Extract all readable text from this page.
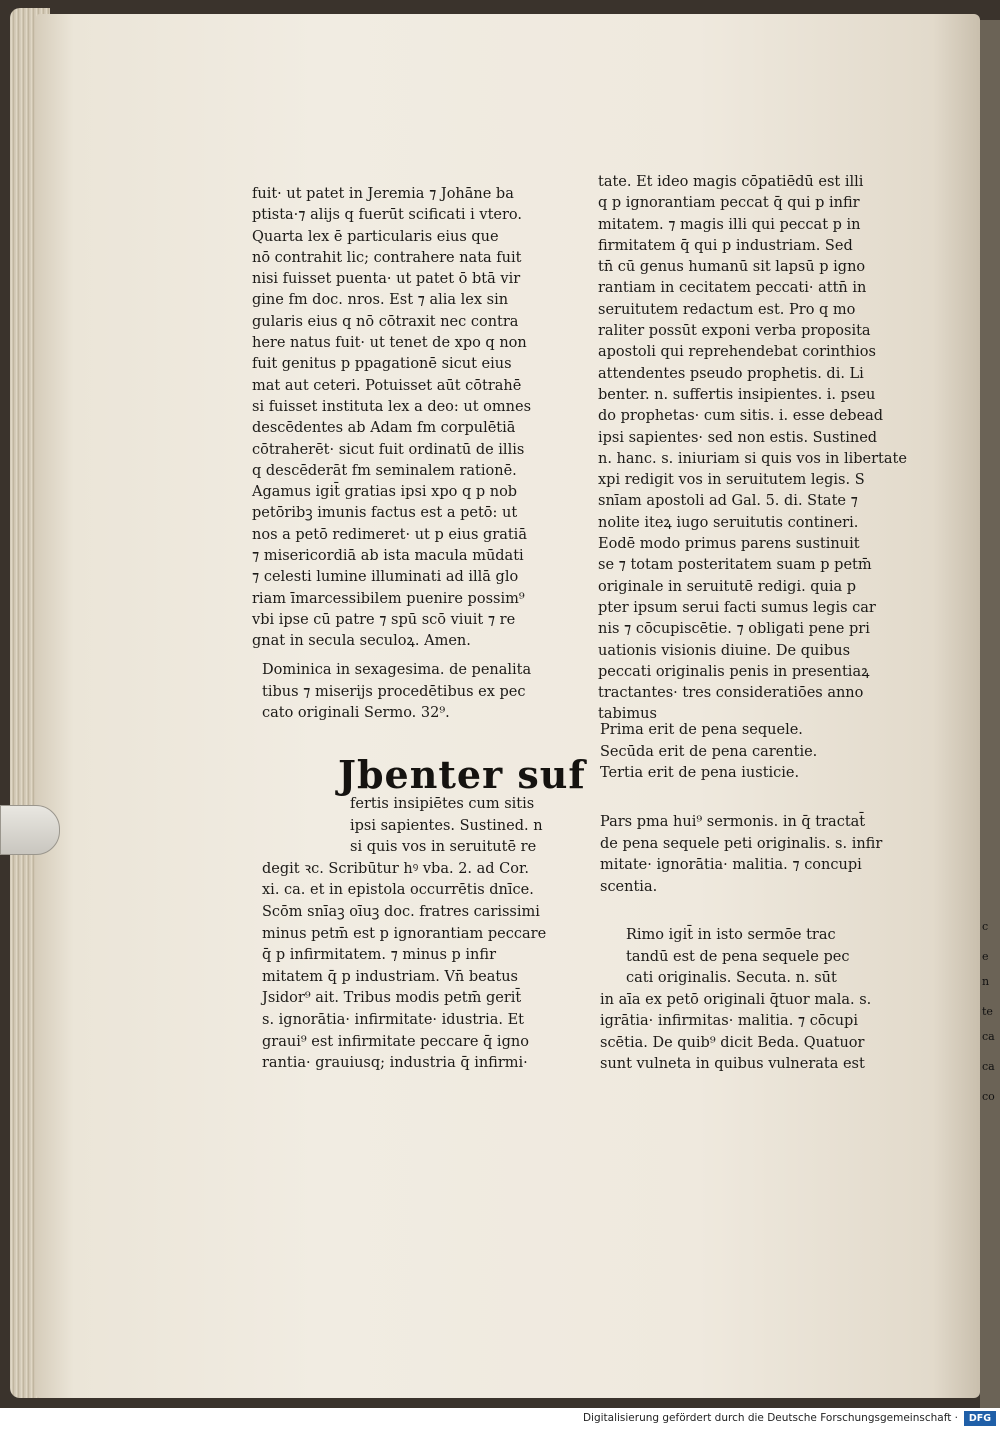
c
e
n
te
ca
ca
co
fuit· ut patet in Jeremia ⁊ Johāne ba
ptista·⁊ alijs q fuerūt scificati i vtero.
Quarta lex ē particularis eius que
nō contrahit lic; contrahere nata fuit
nisi fuisset puenta· ut patet ō btā vir
gine fm doc. nros. Est ⁊ alia lex sin
gularis eius q nō cōtraxit nec contra
here natus fuit· ut tenet de xpo q non
fuit genitus p ppagationē sicut eius
mat aut ceteri. Potuisset aūt cōtrahē
si fuisset instituta lex a deo: ut omnes
descēdentes ab Adam fm corpulētiā
cōtraherēt· sicut fuit ordinatū de illis
q descēderāt fm seminalem rationē.
Agamus igit̄ gratias ipsi xpo q p nob
petōribꝫ imunis factus est a petō: ut
nos a petō redimeret· ut p eius gratiā
⁊ misericordiā ab ista macula mūdati
⁊ celesti lumine illuminati ad illā glo
riam īmarcessibilem puenire possim⁹
vbi ipse cū patre ⁊ spū scō viuit ⁊ re
gnat in secula seculoꝝ. Amen.
Dominica in sexagesima. de penalita
tibus ⁊ miserijs procedētibus ex pec
cato originali Sermo. 32⁹.
Jbenter suf
fertis insipiētes cum sitis
ipsi sapientes. Sustined. n
si quis vos in seruitutē re
degit ꝛc. Scribūtur hꝰ vba. 2. ad Cor.
xi. ca. et in epistola occurrētis dnīce.
Scōm snīaꝫ oīuꝫ doc. fratres carissimi
minus petm̄ est p ignorantiam peccare
q̄ p infirmitatem. ⁊ minus p infir
mitatem q̄ p industriam. Vn̄ beatus
Jsidor⁹ ait. Tribus modis petm̄ gerit̄
s. ignorātia· infirmitate· idustria. Et
graui⁹ est infirmitate peccare q̄ igno
rantia· grauiusq; industria q̄ infirmi·
tate. Et ideo magis cōpatiēdū est illi
q p ignorantiam peccat q̄ qui p infir
mitatem. ⁊ magis illi qui peccat p in
firmitatem q̄ qui p industriam. Sed
tn̄ cū genus humanū sit lapsū p igno
rantiam in cecitatem peccati· attn̄ in
seruitutem redactum est. Pro q mo
raliter possūt exponi verba proposita
apostoli qui reprehendebat corinthios
attendentes pseudo prophetis. di. Li
benter. n. suffertis insipientes. i. pseu
do prophetas· cum sitis. i. esse debead
ipsi sapientes· sed non estis. Sustined
n. hanc. s. iniuriam si quis vos in libertate
xpi redigit vos in seruitutem legis. S
snīam apostoli ad Gal. 5. di. State ⁊
nolite iteꝝ iugo seruitutis contineri.
Eodē modo primus parens sustinuit
se ⁊ totam posteritatem suam p petm̄
originale in seruitutē redigi. quia p
pter ipsum serui facti sumus legis car
nis ⁊ cōcupiscētie. ⁊ obligati pene pri
uationis visionis diuine. De quibus
peccati originalis penis in presentiaꝝ
tractantes· tres consideratiōes anno
tabimus
Prima erit de pena sequele.
Secūda erit de pena carentie.
Tertia erit de pena iusticie.
Pars pma hui⁹ sermonis. in q̄ tractat̄
de pena sequele peti originalis. s. infir
mitate· ignorātia· malitia. ⁊ concupi
scentia.
Rimo igit̄ in isto sermōe trac
tandū est de pena sequele pec
cati originalis. Secuta. n. sūt
in aīa ex petō originali q̄tuor mala. s.
igrātia· infirmitas· malitia. ⁊ cōcupi
scētia. De quib⁹ dicit Beda. Quatuor
sunt vulneta in quibus vulnerata est
Digitalisierung gefördert durch die Deutsche Forschungsgemeinschaft ·	DFG
